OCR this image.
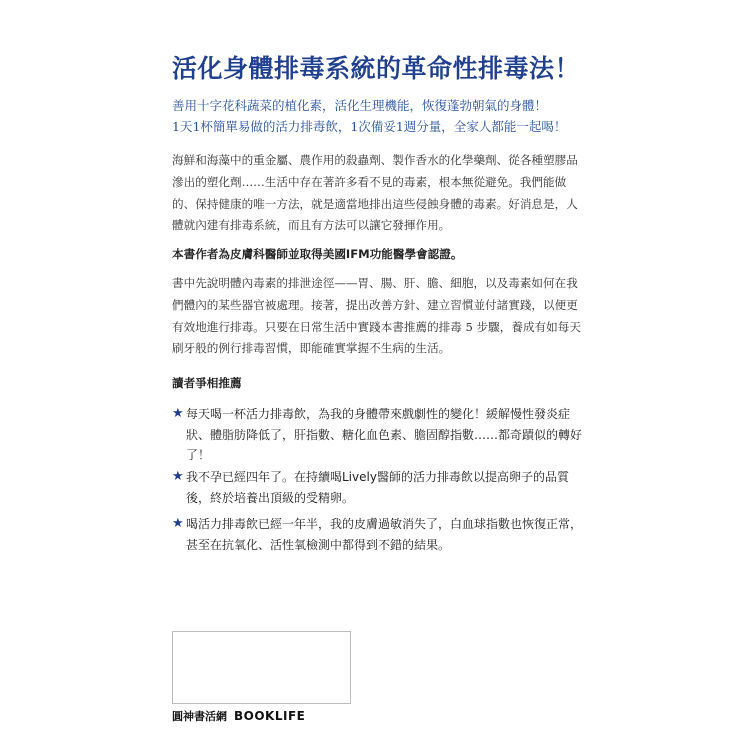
活化身體排毒系統的革命性排毒法！
善用十字花科蔬菜的植化素，活化生理機能，恢復蓬勃朝氣的身體！
1天1杯簡單易做的活力排毒飲，1次備妥1週分量，全家人都能一起喝！
海鮮和海藻中的重金屬、農作用的殺蟲劑、製作香水的化學藥劑、從各種塑膠品滲出的塑化劑……生活中存在著許多看不見的毒素，根本無從避免。我們能做的、保持健康的唯一方法，就是適當地排出這些侵蝕身體的毒素。好消息是，人體就內建有排毒系統，而且有方法可以讓它發揮作用。
本書作者為皮膚科醫師並取得美國IFM功能醫學會認證。
書中先說明體內毒素的排泄途徑——胃、腸、肝、膽、細胞，以及毒素如何在我們體內的某些器官被處理。接著，提出改善方針、建立習慣並付諸實踐，以便更有效地進行排毒。只要在日常生活中實踐本書推薦的排毒 5 步驟，養成有如每天刷牙般的例行排毒習慣，即能確實掌握不生病的生活。
讀者爭相推薦
★ 每天喝一杯活力排毒飲，為我的身體帶來戲劇性的變化！緩解慢性發炎症狀、體脂肪降低了，肝指數、糖化血色素、膽固醇指數……都奇蹟似的轉好了！
★ 我不孕已經四年了。在持續喝Lively醫師的活力排毒飲以提高卵子的品質後，終於培養出頂級的受精卵。
★ 喝活力排毒飲已經一年半，我的皮膚過敏消失了，白血球指數也恢復正常，甚至在抗氧化、活性氧檢測中都得到不錯的結果。
圓神書活網 BOOKLIFE
